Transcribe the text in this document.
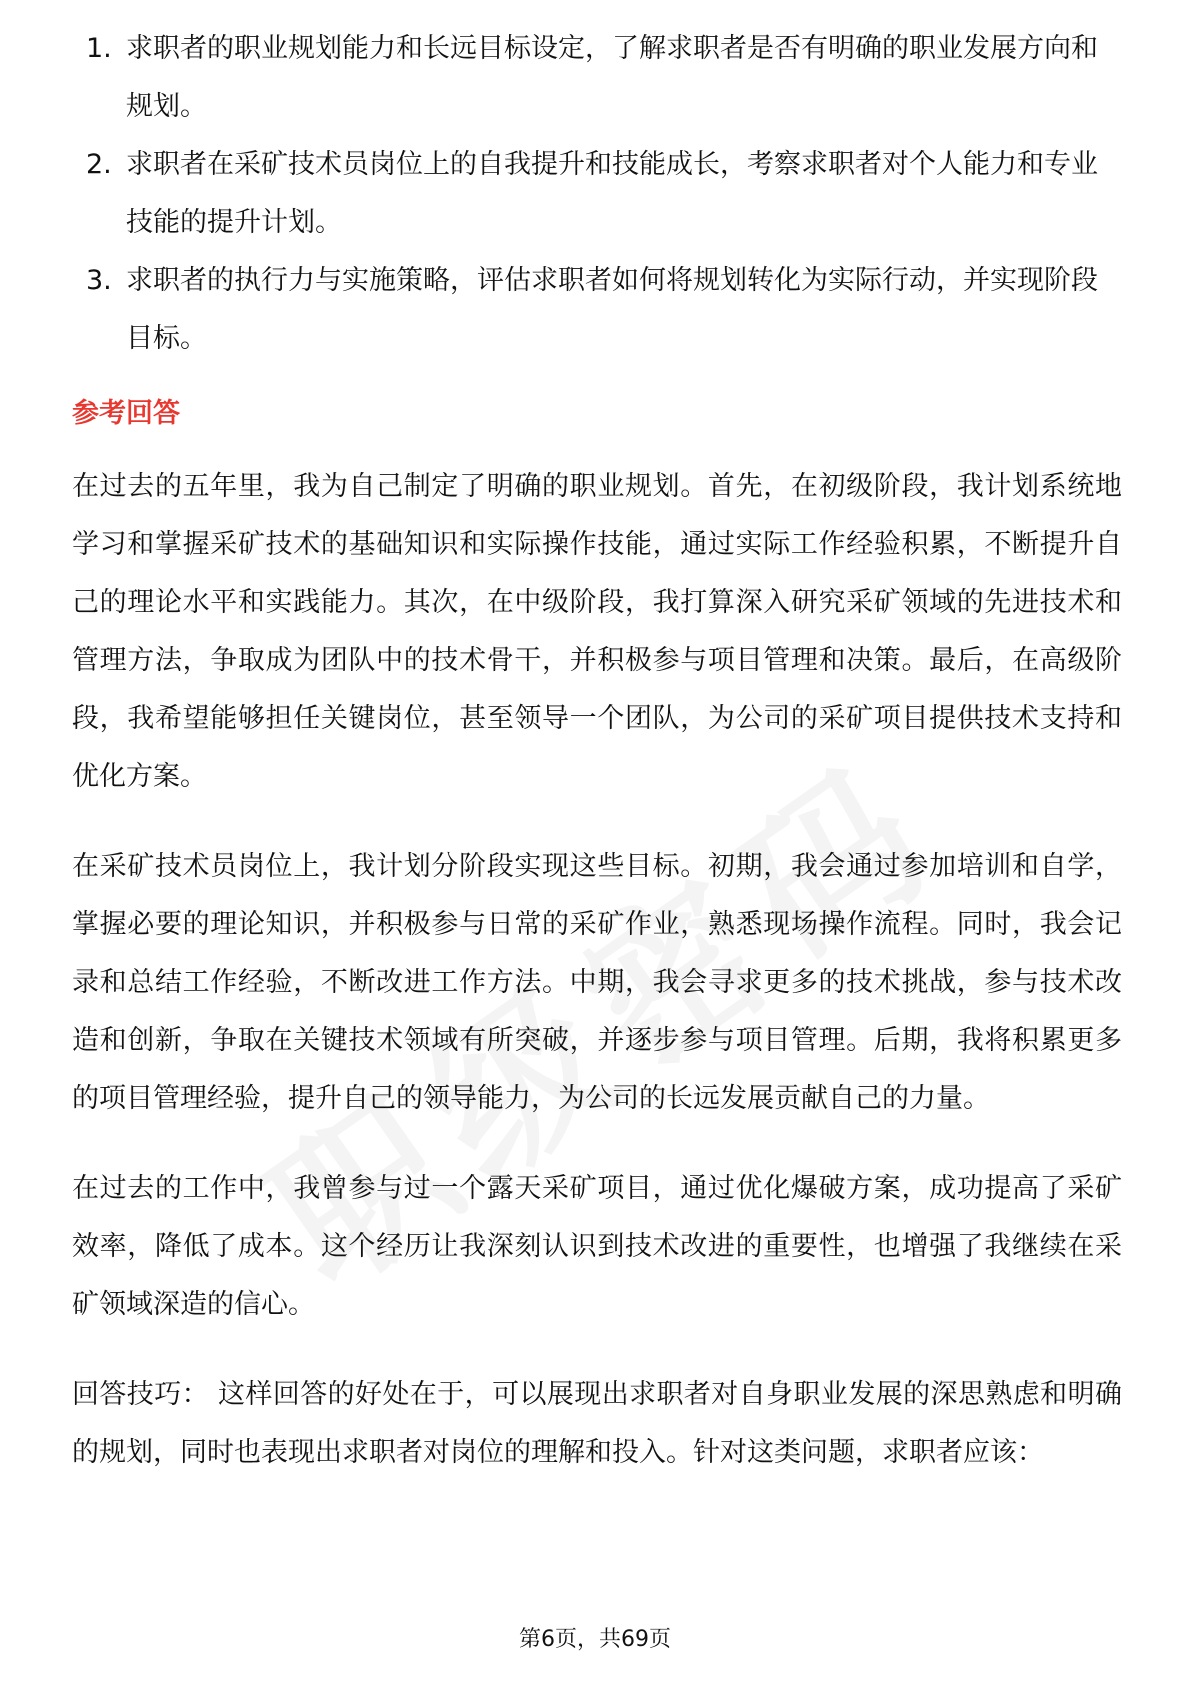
1. 求职者的职业规划能力和长远目标设定，了解求职者是否有明确的职业发展方向和规划。
2. 求职者在采矿技术员岗位上的自我提升和技能成长，考察求职者对个人能力和专业技能的提升计划。
3. 求职者的执行力与实施策略，评估求职者如何将规划转化为实际行动，并实现阶段目标。
参考回答

在过去的五年里，我为自己制定了明确的职业规划。首先，在初级阶段，我计划系统地学习和掌握采矿技术的基础知识和实际操作技能，通过实际工作经验积累，不断提升自己的理论水平和实践能力。其次，在中级阶段，我打算深入研究采矿领域的先进技术和管理方法，争取成为团队中的技术骨干，并积极参与项目管理和决策。最后，在高级阶段，我希望能够担任关键岗位，甚至领导一个团队，为公司的采矿项目提供技术支持和优化方案。

在采矿技术员岗位上，我计划分阶段实现这些目标。初期，我会通过参加培训和自学，掌握必要的理论知识，并积极参与日常的采矿作业，熟悉现场操作流程。同时，我会记录和总结工作经验，不断改进工作方法。中期，我会寻求更多的技术挑战，参与技术改造和创新，争取在关键技术领域有所突破，并逐步参与项目管理。后期，我将积累更多的项目管理经验，提升自己的领导能力，为公司的长远发展贡献自己的力量。

在过去的工作中，我曾参与过一个露天采矿项目，通过优化爆破方案，成功提高了采矿效率，降低了成本。这个经历让我深刻认识到技术改进的重要性，也增强了我继续在采矿领域深造的信心。

回答技巧： 这样回答的好处在于，可以展现出求职者对自身职业发展的深思熟虑和明确的规划，同时也表现出求职者对岗位的理解和投入。针对这类问题，求职者应该：

第6页，共69页
